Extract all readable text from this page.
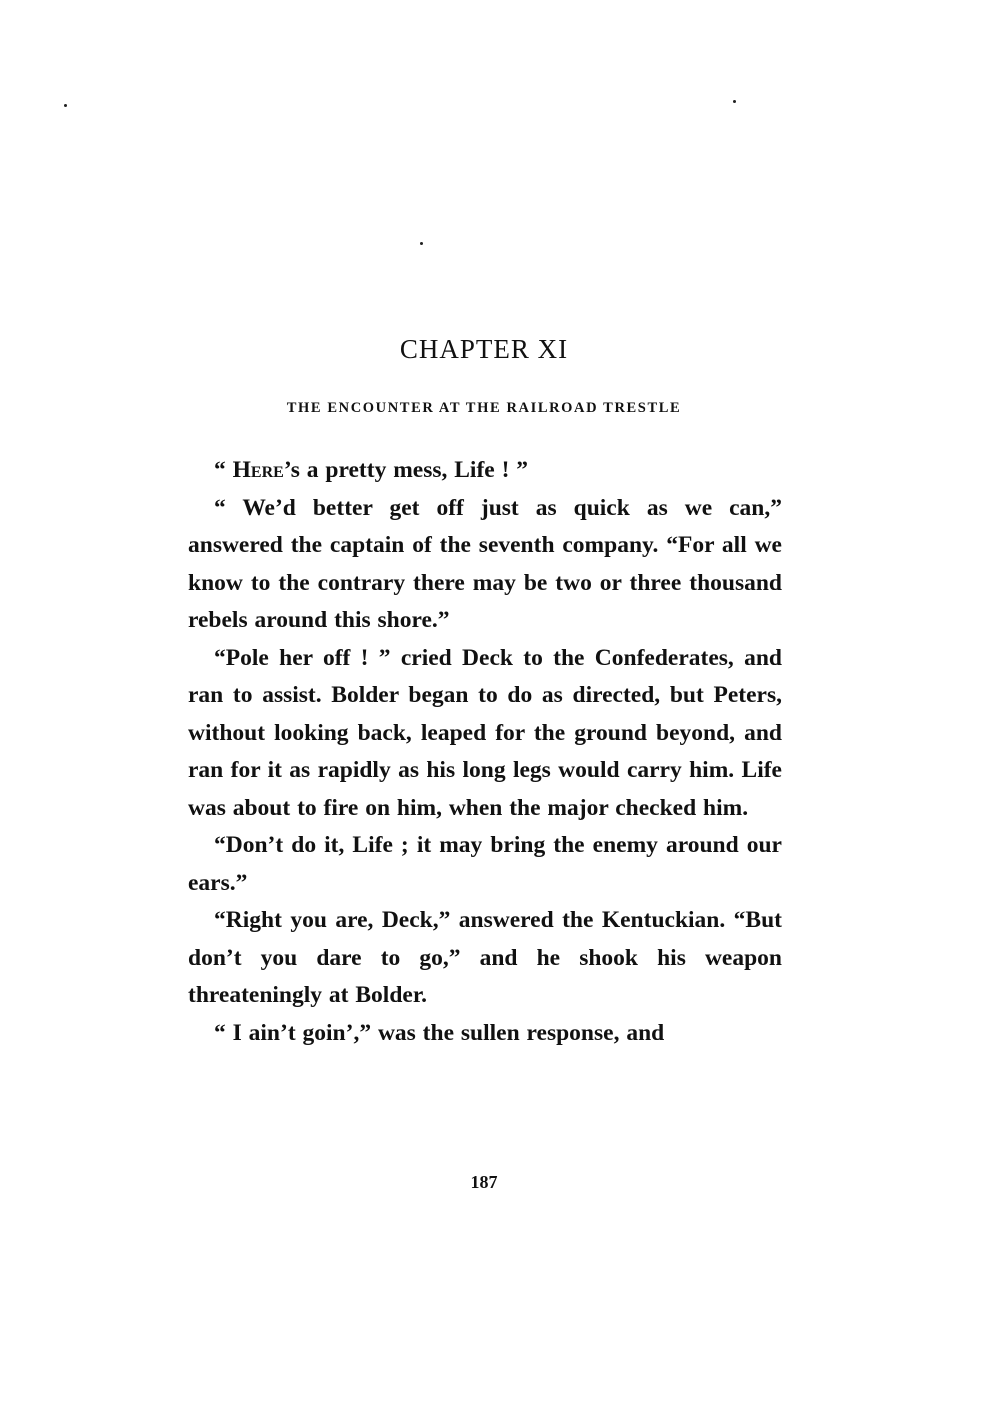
CHAPTER XI
THE ENCOUNTER AT THE RAILROAD TRESTLE

“ Here’s a pretty mess, Life ! ”

“ We’d better get off just as quick as we can,” answered the captain of the seventh company. “For all we know to the contrary there may be two or three thousand rebels around this shore.”

“Pole her off ! ” cried Deck to the Confederates, and ran to assist. Bolder began to do as directed, but Peters, without looking back, leaped for the ground beyond, and ran for it as rapidly as his long legs would carry him. Life was about to fire on him, when the major checked him.

“Don’t do it, Life ; it may bring the enemy around our ears.”

“Right you are, Deck,” answered the Kentuckian. “But don’t you dare to go,” and he shook his weapon threateningly at Bolder.

“ I ain’t goin’,” was the sullen response, and

187
